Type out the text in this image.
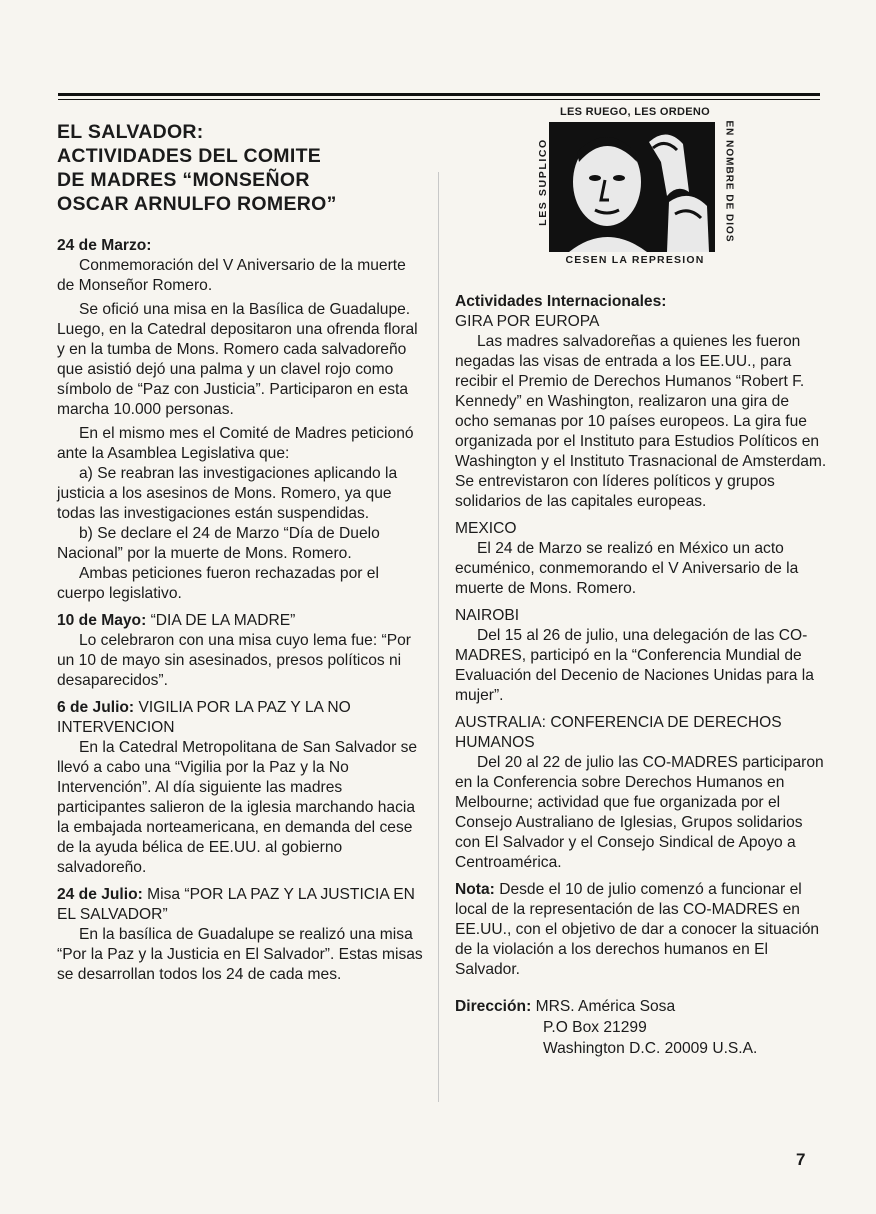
LES RUEGO, LES ORDENO
LES SUPLICO	EN NOMBRE DE DIOS
CESEN LA REPRESION

EL SALVADOR:
ACTIVIDADES DEL COMITE
DE MADRES “MONSEÑOR
OSCAR ARNULFO ROMERO”

24 de Marzo:

Conmemoración del V Aniversario de la muerte de Monseñor Romero.

Se ofició una misa en la Basílica de Guadalupe. Luego, en la Catedral depositaron una ofrenda floral y en la tumba de Mons. Romero cada salvadoreño que asistió dejó una palma y un clavel rojo como símbolo de “Paz con Justicia”. Participaron en esta marcha 10.000 personas.

En el mismo mes el Comité de Madres peticionó ante la Asamblea Legislativa que:

a) Se reabran las investigaciones aplicando la justicia a los asesinos de Mons. Romero, ya que todas las investigaciones están suspendidas.

b) Se declare el 24 de Marzo “Día de Duelo Nacional” por la muerte de Mons. Romero.

Ambas peticiones fueron rechazadas por el cuerpo legislativo.

10 de Mayo: “DIA DE LA MADRE”

Lo celebraron con una misa cuyo lema fue: “Por un 10 de mayo sin asesinados, presos políticos ni desaparecidos”.

6 de Julio: VIGILIA POR LA PAZ Y LA NO INTERVENCION

En la Catedral Metropolitana de San Salvador se llevó a cabo una “Vigilia por la Paz y la No Intervención”. Al día siguiente las madres participantes salieron de la iglesia marchando hacia la embajada norteamericana, en demanda del cese de la ayuda bélica de EE.UU. al gobierno salvadoreño.

24 de Julio: Misa “POR LA PAZ Y LA JUSTICIA EN EL SALVADOR”

En la basílica de Guadalupe se realizó una misa “Por la Paz y la Justicia en El Salvador”. Estas misas se desarrollan todos los 24 de cada mes.

Actividades Internacionales:

GIRA POR EUROPA

Las madres salvadoreñas a quienes les fueron negadas las visas de entrada a los EE.UU., para recibir el Premio de Derechos Humanos “Robert F. Kennedy” en Washington, realizaron una gira de ocho semanas por 10 países europeos. La gira fue organizada por el Instituto para Estudios Políticos en Washington y el Instituto Trasnacional de Amsterdam. Se entrevistaron con líderes políticos y grupos solidarios de las capitales europeas.

MEXICO

El 24 de Marzo se realizó en México un acto ecuménico, conmemorando el V Aniversario de la muerte de Mons. Romero.

NAIROBI

Del 15 al 26 de julio, una delegación de las CO-MADRES, participó en la “Conferencia Mundial de Evaluación del Decenio de Naciones Unidas para la mujer”.

AUSTRALIA: CONFERENCIA DE DERECHOS HUMANOS

Del 20 al 22 de julio las CO-MADRES participaron en la Conferencia sobre Derechos Humanos en Melbourne; actividad que fue organizada por el Consejo Australiano de Iglesias, Grupos solidarios con El Salvador y el Consejo Sindical de Apoyo a Centroamérica.

Nota: Desde el 10 de julio comenzó a funcionar el local de la representación de las CO-MADRES en EE.UU., con el objetivo de dar a conocer la situación de la violación a los derechos humanos en El Salvador.

Dirección: MRS. América Sosa
P.O Box 21299
Washington D.C. 20009 U.S.A.
7
